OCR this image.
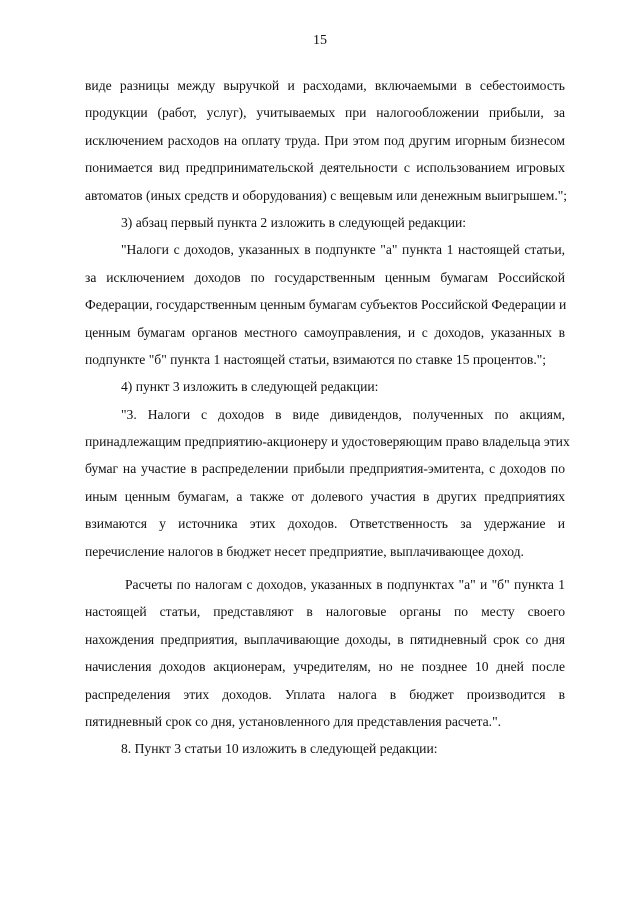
15
виде разницы между выручкой и расходами, включаемыми в себестоимость
продукции (работ, услуг), учитываемых при налогообложении прибыли, за
исключением расходов на оплату труда. При этом под другим игорным бизнесом
понимается вид предпринимательской деятельности с использованием игровых
автоматов (иных средств и оборудования) с вещевым или денежным выигрышем.";
3) абзац первый пункта 2 изложить в следующей редакции:
"Налоги с доходов, указанных в подпункте "а" пункта 1 настоящей статьи,
за исключением доходов по государственным ценным бумагам Российской
Федерации, государственным ценным бумагам субъектов Российской Федерации и
ценным бумагам органов местного самоуправления, и с доходов, указанных в
подпункте "б" пункта 1 настоящей статьи, взимаются по ставке 15 процентов.";
4) пункт 3 изложить в следующей редакции:
"3. Налоги с доходов в виде дивидендов, полученных по акциям,
принадлежащим предприятию-акционеру и удостоверяющим право владельца этих
бумаг на участие в распределении прибыли предприятия-эмитента, с доходов по
иным ценным бумагам, а также от долевого участия в других предприятиях
взимаются у источника этих доходов. Ответственность за удержание и
перечисление налогов в бюджет несет предприятие, выплачивающее доход.
Расчеты по налогам с доходов, указанных в подпунктах "а" и "б" пункта 1
настоящей статьи, представляют в налоговые органы по месту своего
нахождения предприятия, выплачивающие доходы, в пятидневный срок со дня
начисления доходов акционерам, учредителям, но не позднее 10 дней после
распределения этих доходов. Уплата налога в бюджет производится в
пятидневный срок со дня, установленного для представления расчета.".
8. Пункт 3 статьи 10 изложить в следующей редакции:
